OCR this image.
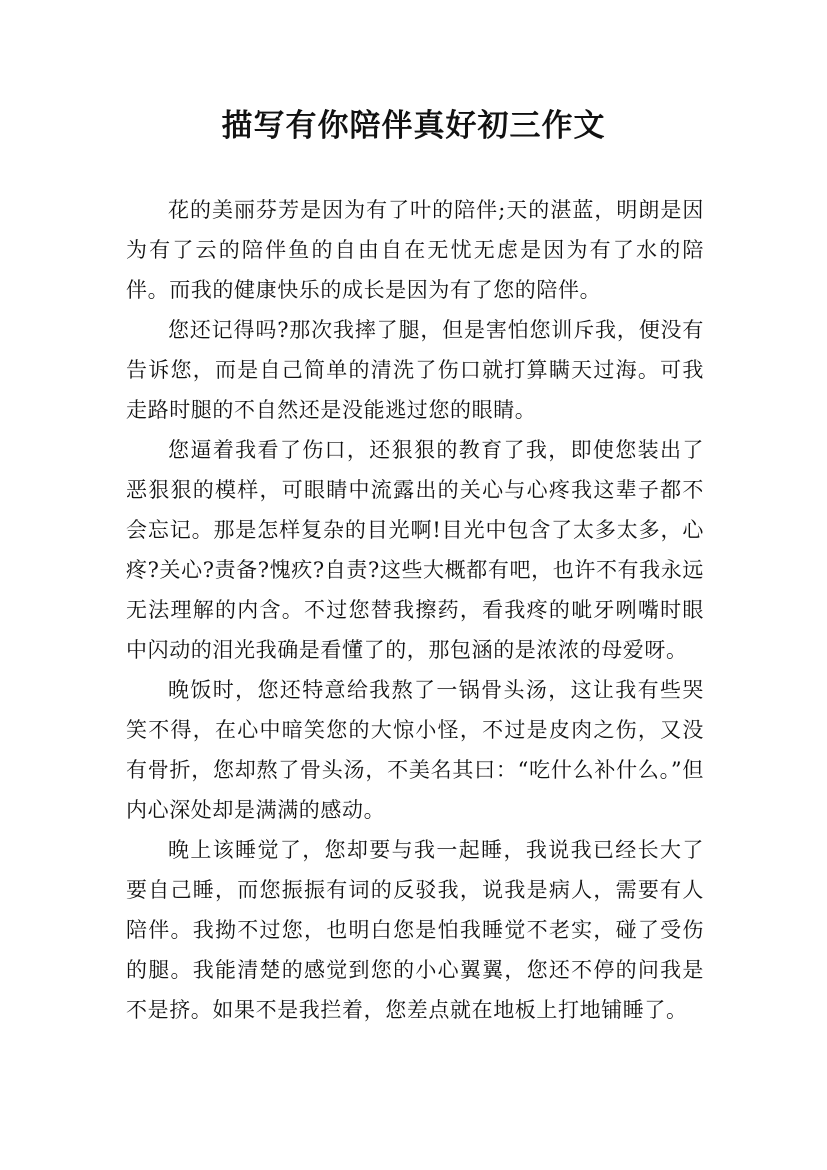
描写有你陪伴真好初三作文

花的美丽芬芳是因为有了叶的陪伴;天的湛蓝，明朗是因为有了云的陪伴鱼的自由自在无忧无虑是因为有了水的陪伴。而我的健康快乐的成长是因为有了您的陪伴。

您还记得吗?那次我摔了腿，但是害怕您训斥我，便没有告诉您，而是自己简单的清洗了伤口就打算瞒天过海。可我走路时腿的不自然还是没能逃过您的眼睛。

您逼着我看了伤口，还狠狠的教育了我，即使您装出了恶狠狠的模样，可眼睛中流露出的关心与心疼我这辈子都不会忘记。那是怎样复杂的目光啊!目光中包含了太多太多，心疼?关心?责备?愧疚?自责?这些大概都有吧，也许不有我永远无法理解的内含。不过您替我擦药，看我疼的呲牙咧嘴时眼中闪动的泪光我确是看懂了的，那包涵的是浓浓的母爱呀。

晚饭时，您还特意给我熬了一锅骨头汤，这让我有些哭笑不得，在心中暗笑您的大惊小怪，不过是皮肉之伤，又没有骨折，您却熬了骨头汤，不美名其曰：“吃什么补什么。”但内心深处却是满满的感动。

晚上该睡觉了，您却要与我一起睡，我说我已经长大了要自己睡，而您振振有词的反驳我，说我是病人，需要有人陪伴。我拗不过您，也明白您是怕我睡觉不老实，碰了受伤的腿。我能清楚的感觉到您的小心翼翼，您还不停的问我是不是挤。如果不是我拦着，您差点就在地板上打地铺睡了。
